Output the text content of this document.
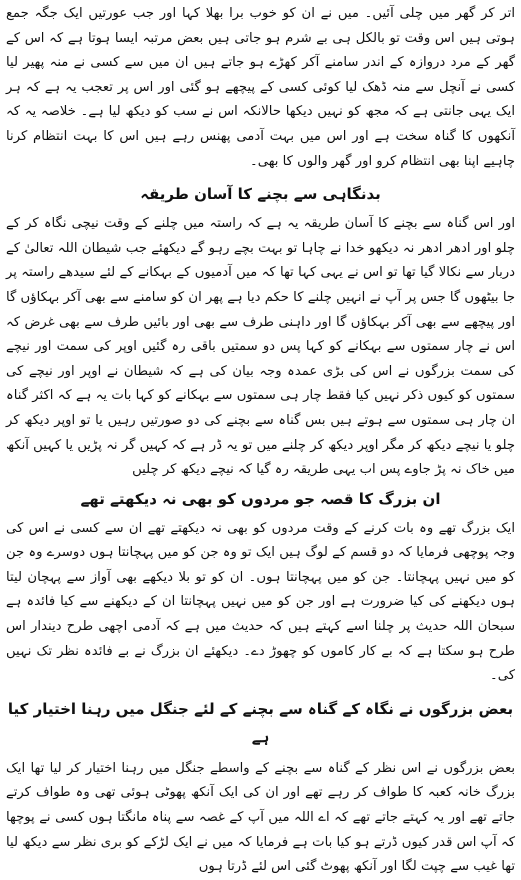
اتر کر گھر میں چلی آئیں۔ میں نے ان کو خوب برا بھلا کہا اور جب عورتیں ایک جگہ جمع ہوتی ہیں اس وقت تو بالکل ہی بے شرم ہو جاتی ہیں بعض مرتبہ ایسا ہوتا ہے کہ اس کے گھر کے مرد دروازہ کے اندر سامنے آکر کھڑے ہو جاتے ہیں ان میں سے کسی نے منہ پھیر لیا کسی نے آنچل سے منہ ڈھک لیا کوئی کسی کے پیچھے ہو گئی اور اس پر تعجب یہ ہے کہ ہر ایک یہی جانتی ہے کہ مجھ کو نہیں دیکھا حالانکہ اس نے سب کو دیکھ لیا ہے۔ خلاصہ یہ کہ آنکھوں کا گناہ سخت ہے اور اس میں بہت آدمی پھنس رہے ہیں اس کا بہت انتظام کرنا چاہیے اپنا بھی انتظام کرو اور گھر والوں کا بھی۔

بدنگاہی سے بچنے کا آسان طریقہ

اور اس گناہ سے بچنے کا آسان طریقہ یہ ہے کہ راستہ میں چلنے کے وقت نیچی نگاہ کر کے چلو اور ادھر ادھر نہ دیکھو خدا نے چاہا تو بہت بچے رہو گے دیکھئے جب شیطان اللہ تعالیٰ کے دربار سے نکالا گیا تھا تو اس نے یہی کہا تھا کہ میں آدمیوں کے بہکانے کے لئے سیدھے راستہ پر جا بیٹھوں گا جس پر آپ نے انہیں چلنے کا حکم دیا ہے پھر ان کو سامنے سے بھی آکر بہکاؤں گا اور پیچھے سے بھی آکر بہکاؤں گا اور داہنی طرف سے بھی اور بائیں طرف سے بھی غرض کہ اس نے چار سمتوں سے بہکانے کو کہا پس دو سمتیں باقی رہ گئیں اوپر کی سمت اور نیچے کی سمت بزرگوں نے اس کی بڑی عمدہ وجہ بیان کی ہے کہ شیطان نے اوپر اور نیچے کی سمتوں کو کیوں ذکر نہیں کیا فقط چار ہی سمتوں سے بہکانے کو کہا بات یہ ہے کہ اکثر گناہ ان چار ہی سمتوں سے ہوتے ہیں بس گناہ سے بچنے کی دو صورتیں رہیں یا تو اوپر دیکھ کر چلو یا نیچے دیکھ کر مگر اوپر دیکھ کر چلنے میں تو یہ ڈر ہے کہ کہیں گر نہ پڑیں یا کہیں آنکھ میں خاک نہ پڑ جاوے پس اب یہی طریقہ رہ گیا کہ نیچے دیکھ کر چلیں

ان بزرگ کا قصہ جو مردوں کو بھی نہ دیکھتے تھے

ایک بزرگ تھے وہ بات کرنے کے وقت مردوں کو بھی نہ دیکھتے تھے ان سے کسی نے اس کی وجہ پوچھی فرمایا کہ دو قسم کے لوگ ہیں ایک تو وہ جن کو میں پہچانتا ہوں دوسرے وہ جن کو میں نہیں پہچانتا۔ جن کو میں پہچانتا ہوں۔ ان کو تو بلا دیکھے بھی آواز سے پہچان لیتا ہوں دیکھنے کی کیا ضرورت ہے اور جن کو میں نہیں پہچانتا ان کے دیکھنے سے کیا فائدہ ہے سبحان اللہ حدیث پر چلنا اسے کہتے ہیں کہ حدیث میں ہے کہ آدمی اچھی طرح دیندار اس طرح ہو سکتا ہے کہ بے کار کاموں کو چھوڑ دے۔ دیکھئے ان بزرگ نے بے فائدہ نظر تک نہیں کی۔

بعض بزرگوں نے نگاہ کے گناہ سے بچنے کے لئے جنگل میں رہنا اختیار کیا ہے

بعض بزرگوں نے اس نظر کے گناہ سے بچنے کے واسطے جنگل میں رہنا اختیار کر لیا تھا ایک بزرگ خانہ کعبہ کا طواف کر رہے تھے اور ان کی ایک آنکھ پھوٹی ہوئی تھی وہ طواف کرتے جاتے تھے اور یہ کہتے جاتے تھے کہ اے اللہ میں آپ کے غصہ سے پناہ مانگتا ہوں کسی نے پوچھا کہ آپ اس قدر کیوں ڈرتے ہو کیا بات ہے فرمایا کہ میں نے ایک لڑکے کو بری نظر سے دیکھ لیا تھا غیب سے چپت لگا اور آنکھ پھوٹ گئی اس لئے ڈرتا ہوں
